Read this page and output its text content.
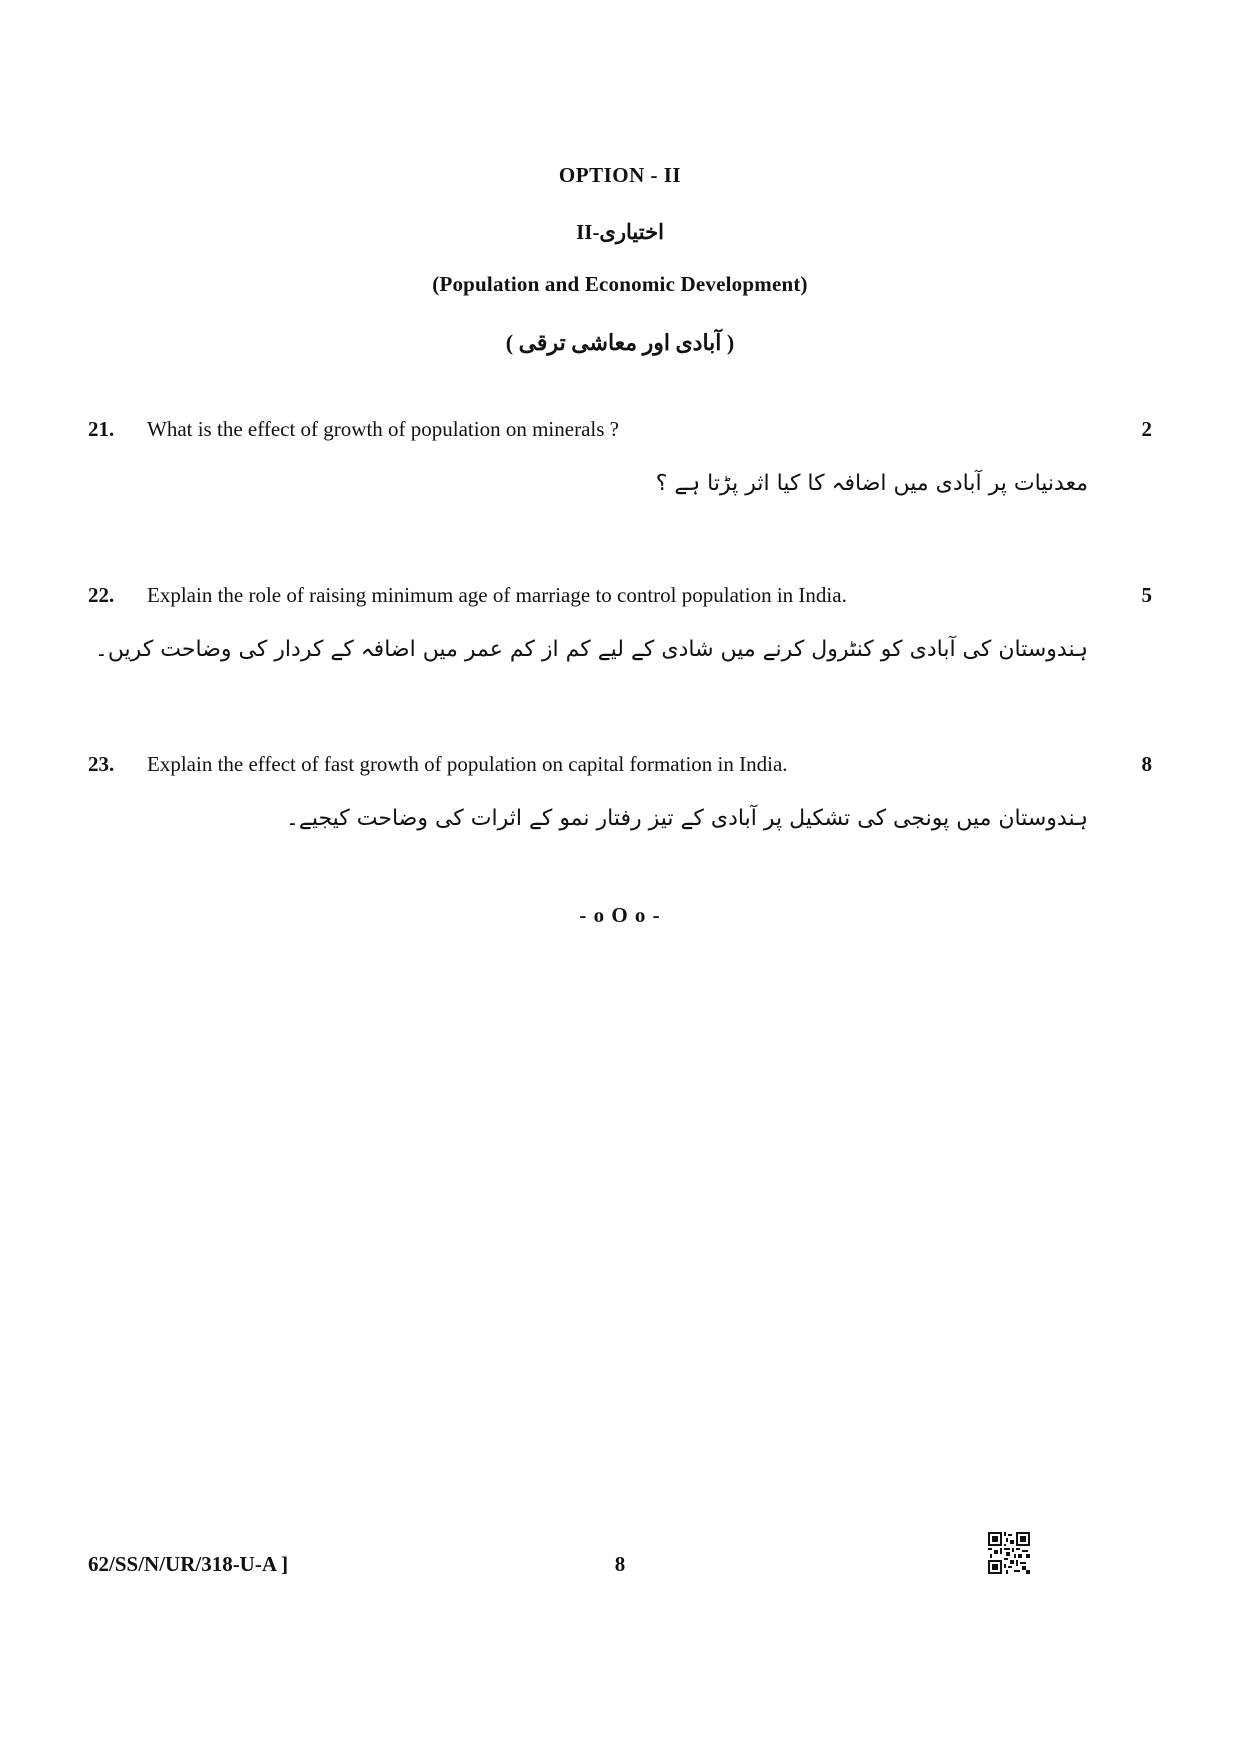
OPTION - II
اختیاری-II
(Population and Economic Development)
( آبادی اور معاشی ترقی )
21. What is the effect of growth of population on minerals ?	2
معدنیات پر آبادی میں اضافہ کا کیا اثر پڑتا ہے ؟
22. Explain the role of raising minimum age of marriage to control population in India.	5
ہندوستان کی آبادی کو کنٹرول کرنے میں شادی کے لیے کم از کم عمر میں اضافہ کے کردار کی وضاحت کریں۔
23. Explain the effect of fast growth of population on capital formation in India.	8
ہندوستان میں پونجی کی تشکیل پر آبادی کے تیز رفتار نمو کے اثرات کی وضاحت کیجیے۔
- o O o -
62/SS/N/UR/318-U-A ]	8
